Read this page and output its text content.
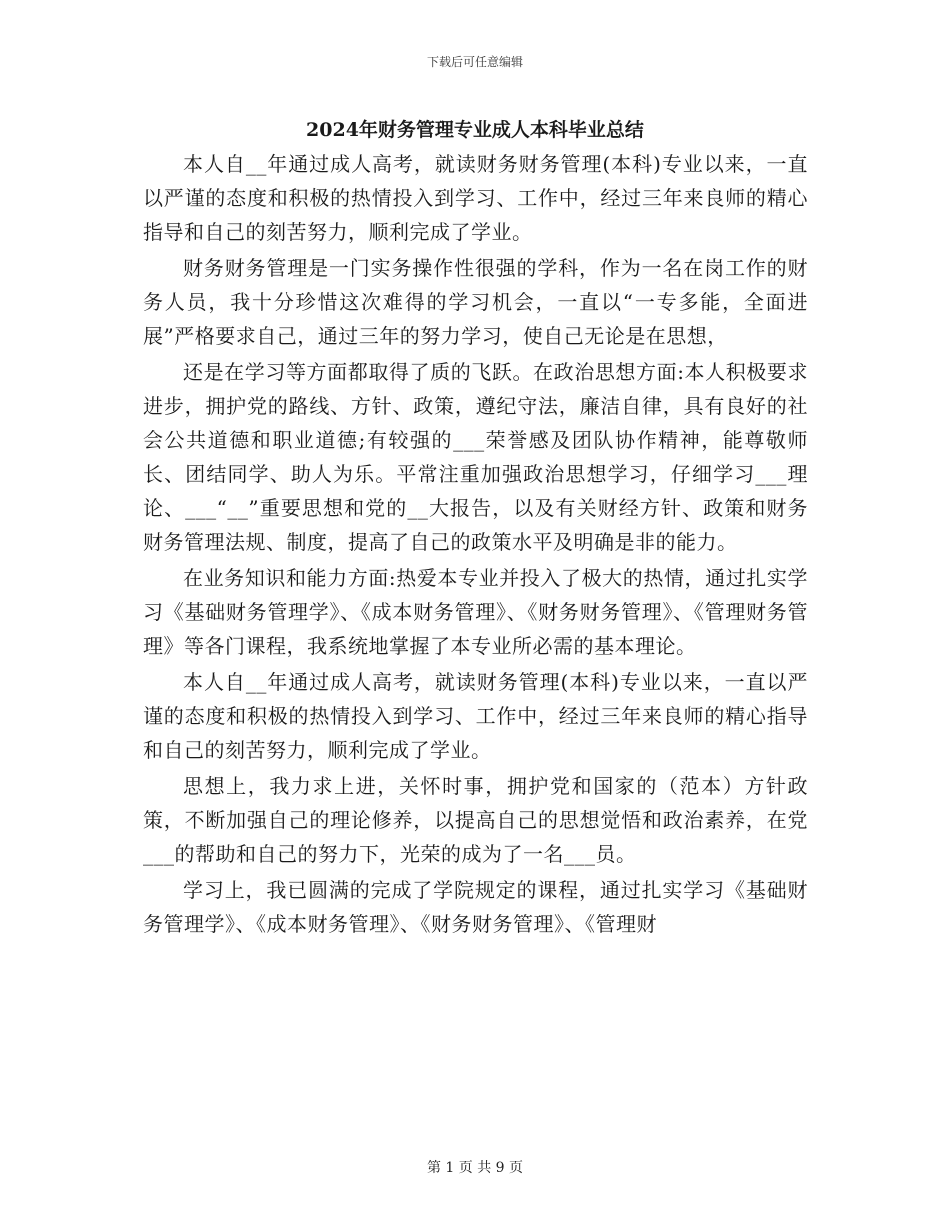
下载后可任意编辑
2024年财务管理专业成人本科毕业总结

本人自__年通过成人高考，就读财务财务管理(本科)专业以来，一直以严谨的态度和积极的热情投入到学习、工作中，经过三年来良师的精心指导和自己的刻苦努力，顺利完成了学业。

财务财务管理是一门实务操作性很强的学科，作为一名在岗工作的财务人员，我十分珍惜这次难得的学习机会，一直以“一专多能，全面进展”严格要求自己，通过三年的努力学习，使自己无论是在思想，

还是在学习等方面都取得了质的飞跃。在政治思想方面:本人积极要求进步，拥护党的路线、方针、政策，遵纪守法，廉洁自律，具有良好的社会公共道德和职业道德;有较强的___荣誉感及团队协作精神，能尊敬师长、团结同学、助人为乐。平常注重加强政治思想学习，仔细学习___理论、___“__”重要思想和党的__大报告，以及有关财经方针、政策和财务财务管理法规、制度，提高了自己的政策水平及明确是非的能力。

在业务知识和能力方面:热爱本专业并投入了极大的热情，通过扎实学习《基础财务管理学》、《成本财务管理》、《财务财务管理》、《管理财务管理》等各门课程，我系统地掌握了本专业所必需的基本理论。

本人自__年通过成人高考，就读财务管理(本科)专业以来，一直以严谨的态度和积极的热情投入到学习、工作中，经过三年来良师的精心指导和自己的刻苦努力，顺利完成了学业。

思想上，我力求上进，关怀时事，拥护党和国家的（范本）方针政策，不断加强自己的理论修养，以提高自己的思想觉悟和政治素养，在党___的帮助和自己的努力下，光荣的成为了一名___员。

学习上，我已圆满的完成了学院规定的课程，通过扎实学习《基础财务管理学》、《成本财务管理》、《财务财务管理》、《管理财

第 1 页 共 9 页
